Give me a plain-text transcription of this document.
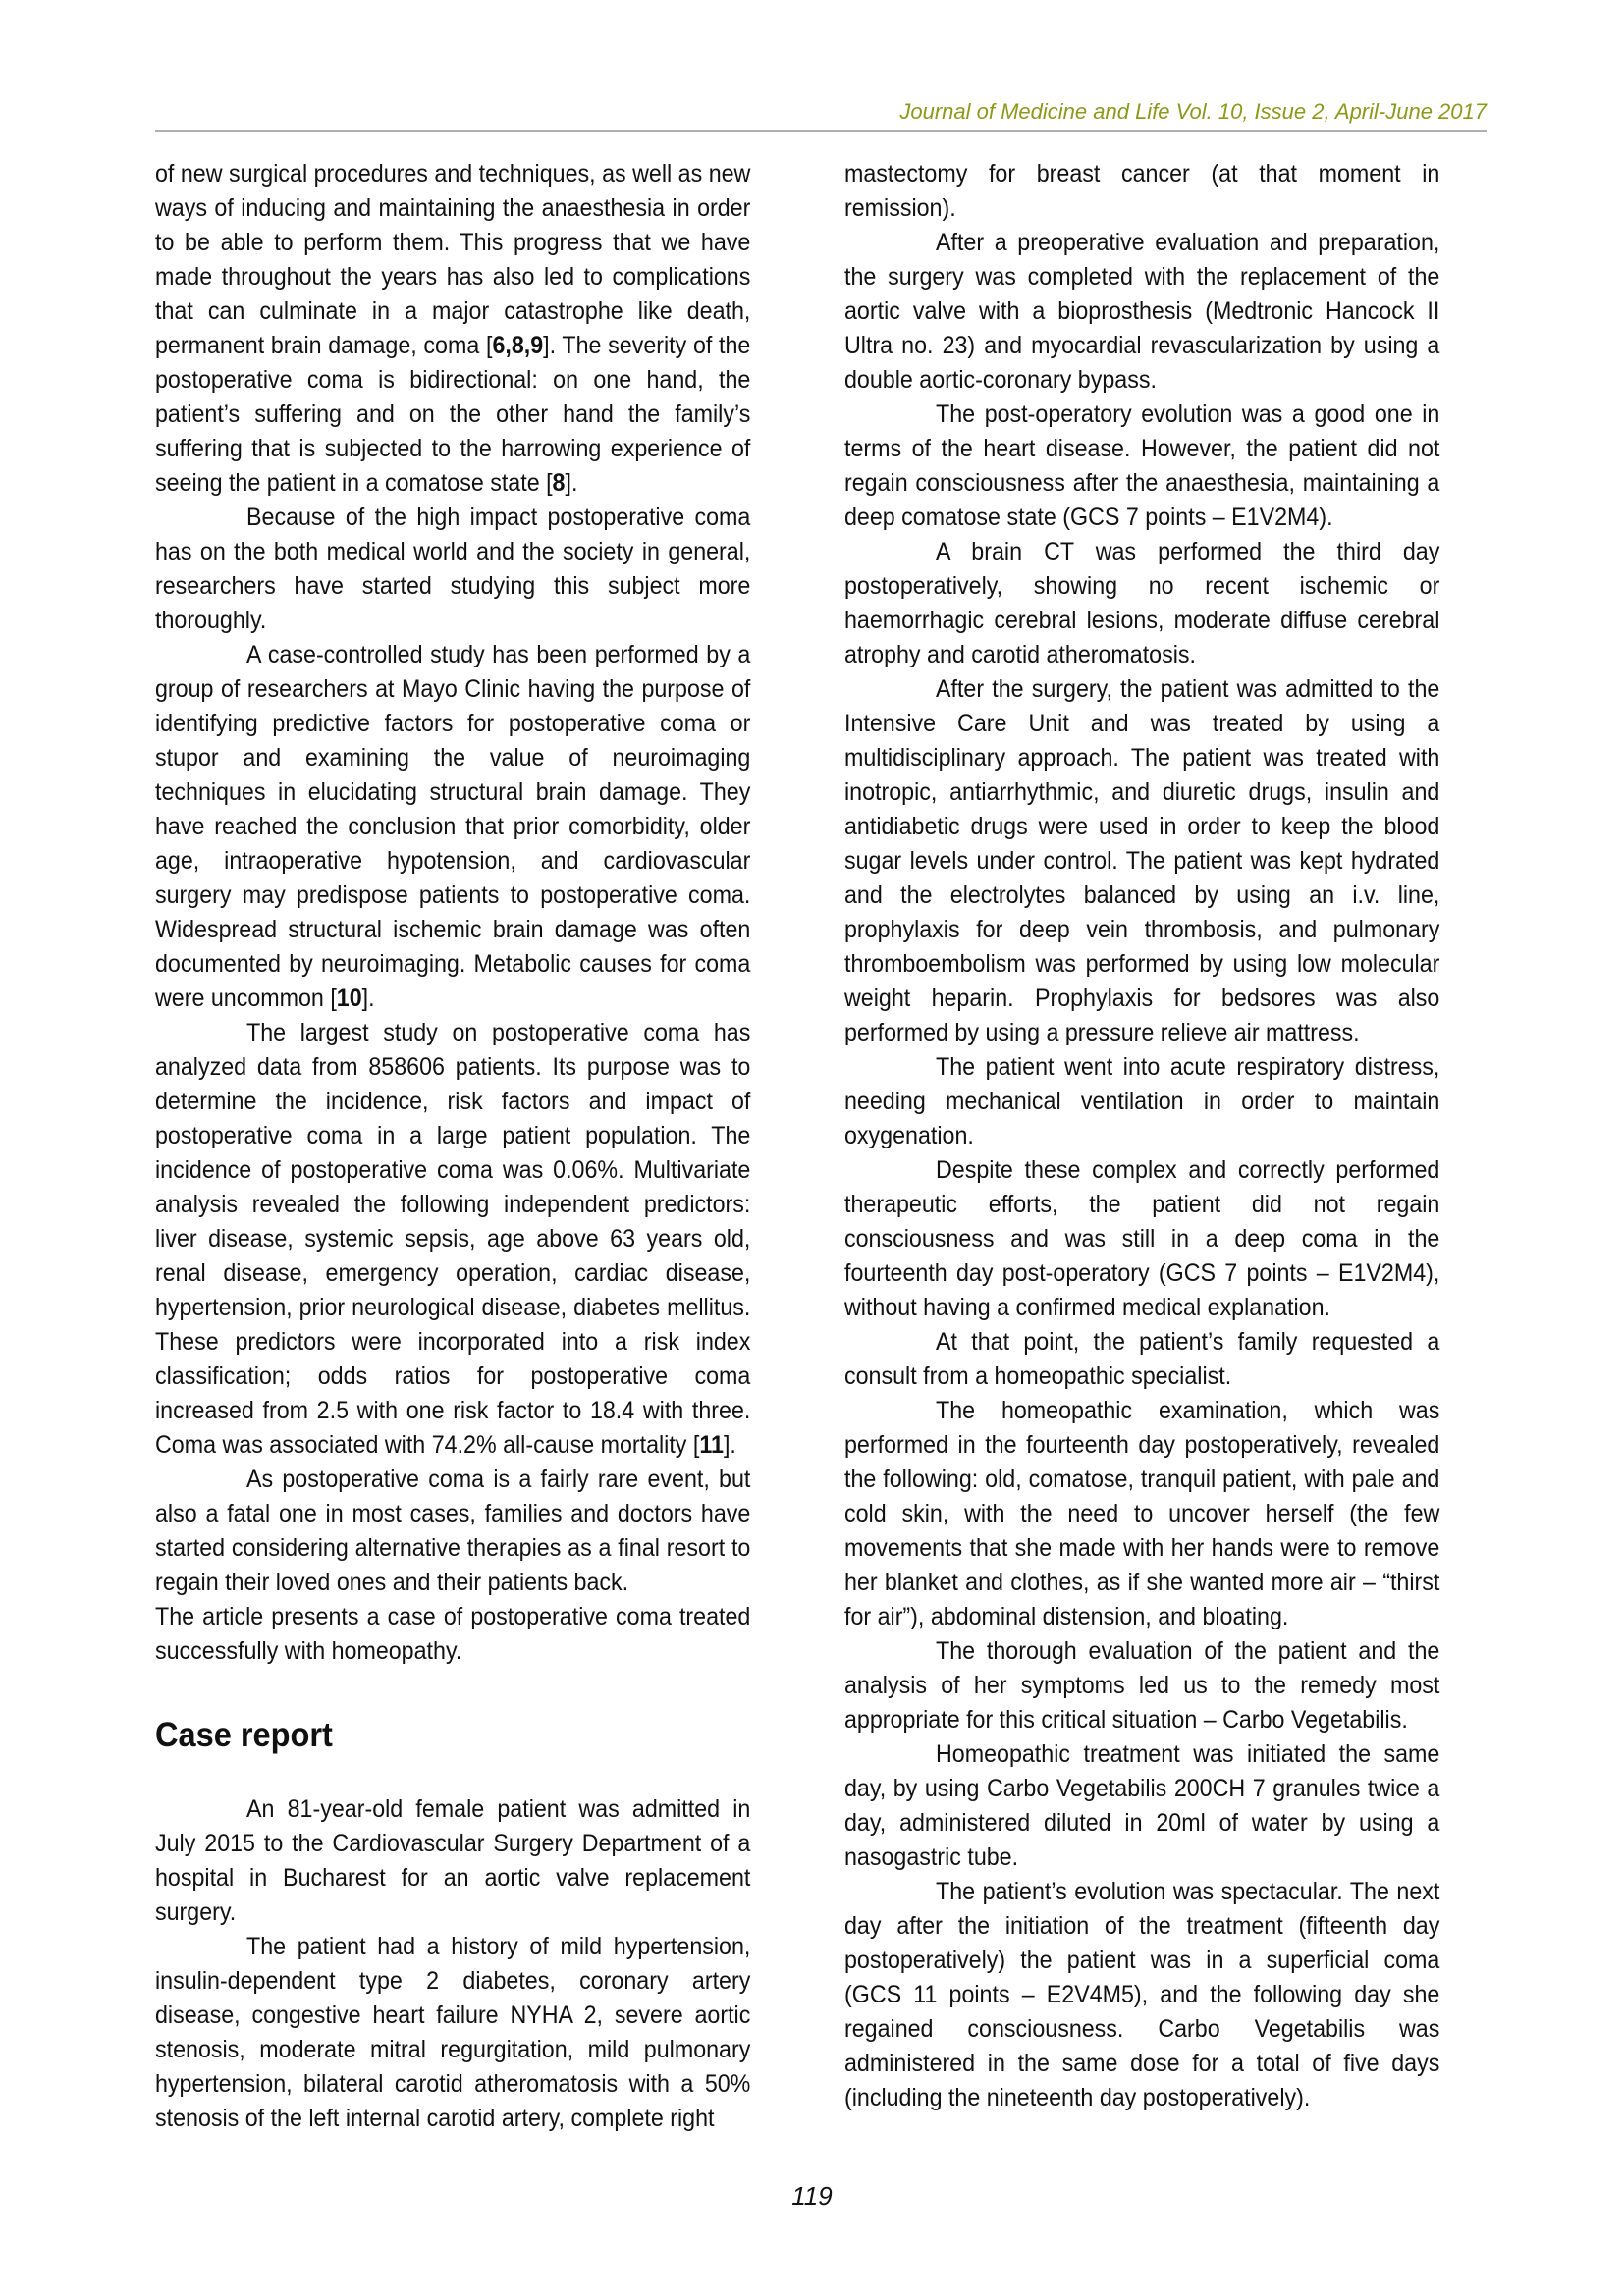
Journal of Medicine and Life Vol. 10, Issue 2, April-June 2017

of new surgical procedures and techniques, as well as new ways of inducing and maintaining the anaesthesia in order to be able to perform them. This progress that we have made throughout the years has also led to complications that can culminate in a major catastrophe like death, permanent brain damage, coma [6,8,9]. The severity of the postoperative coma is bidirectional: on one hand, the patient’s suffering and on the other hand the family’s suffering that is subjected to the harrowing experience of seeing the patient in a comatose state [8].

Because of the high impact postoperative coma has on the both medical world and the society in general, researchers have started studying this subject more thoroughly.

A case-controlled study has been performed by a group of researchers at Mayo Clinic having the purpose of identifying predictive factors for postoperative coma or stupor and examining the value of neuroimaging techniques in elucidating structural brain damage. They have reached the conclusion that prior comorbidity, older age, intraoperative hypotension, and cardiovascular surgery may predispose patients to postoperative coma. Widespread structural ischemic brain damage was often documented by neuroimaging. Metabolic causes for coma were uncommon [10].

The largest study on postoperative coma has analyzed data from 858606 patients. Its purpose was to determine the incidence, risk factors and impact of postoperative coma in a large patient population. The incidence of postoperative coma was 0.06%. Multivariate analysis revealed the following independent predictors: liver disease, systemic sepsis, age above 63 years old, renal disease, emergency operation, cardiac disease, hypertension, prior neurological disease, diabetes mellitus. These predictors were incorporated into a risk index classification; odds ratios for postoperative coma increased from 2.5 with one risk factor to 18.4 with three. Coma was associated with 74.2% all-cause mortality [11].

As postoperative coma is a fairly rare event, but also a fatal one in most cases, families and doctors have started considering alternative therapies as a final resort to regain their loved ones and their patients back.

The article presents a case of postoperative coma treated successfully with homeopathy.

Case report

An 81-year-old female patient was admitted in July 2015 to the Cardiovascular Surgery Department of a hospital in Bucharest for an aortic valve replacement surgery.

The patient had a history of mild hypertension, insulin-dependent type 2 diabetes, coronary artery disease, congestive heart failure NYHA 2, severe aortic stenosis, moderate mitral regurgitation, mild pulmonary hypertension, bilateral carotid atheromatosis with a 50% stenosis of the left internal carotid artery, complete right

mastectomy for breast cancer (at that moment in remission).

After a preoperative evaluation and preparation, the surgery was completed with the replacement of the aortic valve with a bioprosthesis (Medtronic Hancock II Ultra no. 23) and myocardial revascularization by using a double aortic-coronary bypass.

The post-operatory evolution was a good one in terms of the heart disease. However, the patient did not regain consciousness after the anaesthesia, maintaining a deep comatose state (GCS 7 points – E1V2M4).

A brain CT was performed the third day postoperatively, showing no recent ischemic or haemorrhagic cerebral lesions, moderate diffuse cerebral atrophy and carotid atheromatosis.

After the surgery, the patient was admitted to the Intensive Care Unit and was treated by using a multidisciplinary approach. The patient was treated with inotropic, antiarrhythmic, and diuretic drugs, insulin and antidiabetic drugs were used in order to keep the blood sugar levels under control. The patient was kept hydrated and the electrolytes balanced by using an i.v. line, prophylaxis for deep vein thrombosis, and pulmonary thromboembolism was performed by using low molecular weight heparin. Prophylaxis for bedsores was also performed by using a pressure relieve air mattress.

The patient went into acute respiratory distress, needing mechanical ventilation in order to maintain oxygenation.

Despite these complex and correctly performed therapeutic efforts, the patient did not regain consciousness and was still in a deep coma in the fourteenth day post-operatory (GCS 7 points – E1V2M4), without having a confirmed medical explanation.

At that point, the patient’s family requested a consult from a homeopathic specialist.

The homeopathic examination, which was performed in the fourteenth day postoperatively, revealed the following: old, comatose, tranquil patient, with pale and cold skin, with the need to uncover herself (the few movements that she made with her hands were to remove her blanket and clothes, as if she wanted more air – “thirst for air”), abdominal distension, and bloating.

The thorough evaluation of the patient and the analysis of her symptoms led us to the remedy most appropriate for this critical situation – Carbo Vegetabilis.

Homeopathic treatment was initiated the same day, by using Carbo Vegetabilis 200CH 7 granules twice a day, administered diluted in 20ml of water by using a nasogastric tube.

The patient’s evolution was spectacular. The next day after the initiation of the treatment (fifteenth day postoperatively) the patient was in a superficial coma (GCS 11 points – E2V4M5), and the following day she regained consciousness. Carbo Vegetabilis was administered in the same dose for a total of five days (including the nineteenth day postoperatively).

119
